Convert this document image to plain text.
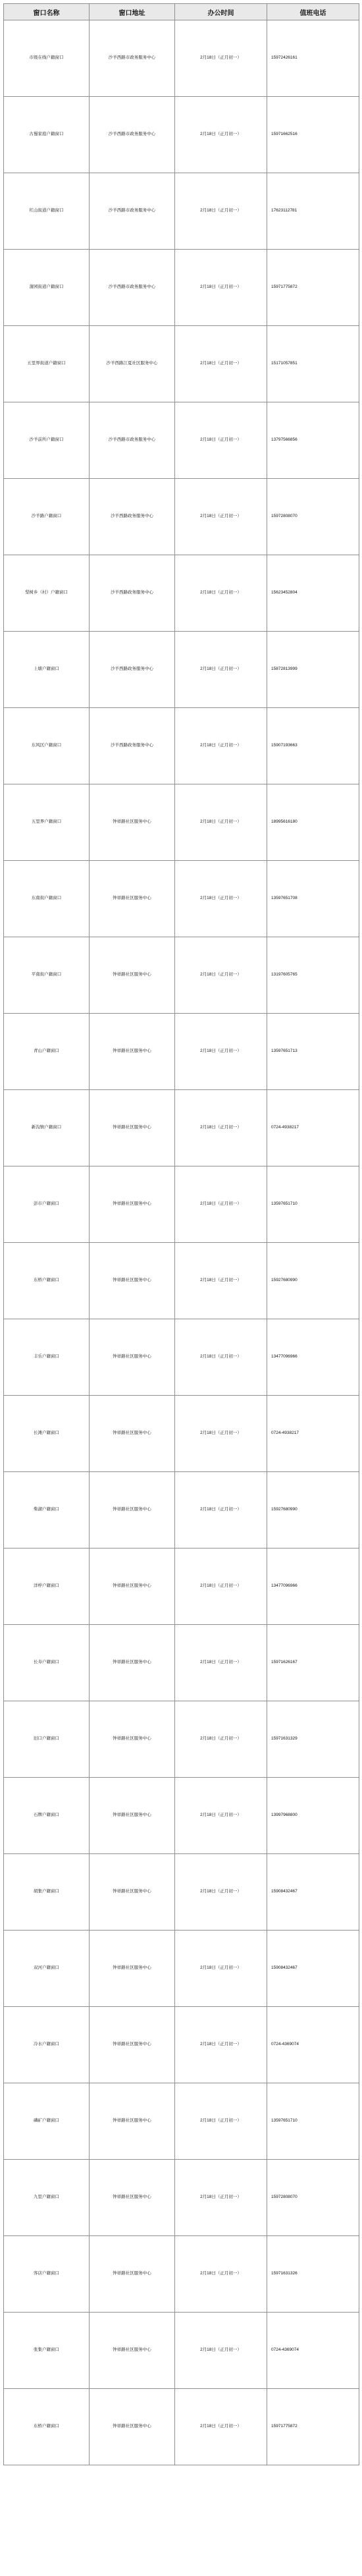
窗口名称	窗口地址	办公时间	值班电话
市级在线户籍窗口	沙羊西路市政务服务中心	2月18日（正月初一）	15972426161
古蜀家庭户籍窗口	沙羊西路市政务服务中心	2月18日（正月初一）	15971662516
红山街道户籍窗口	沙羊西路市政务服务中心	2月18日（正月初一）	17623112781
蒲园街道户籍窗口	沙羊西路市政务服务中心	2月18日（正月初一）	15971775872
五里界街道户籍窗口	沙羊西路江夏社区服务中心	2月18日（正月初一）	15171057851
沙羊前所户籍窗口	沙羊西路市政务服务中心	2月18日（正月初一）	13797566856
沙羊路户籍窗口	沙羊西路政务服务中心	2月18日（正月初一）	15972808070
梨树乡（村）户籍窗口	沙羊西路政务服务中心	2月18日（正月初一）	15623452804
上塘户籍窗口	沙羊西路政务服务中心	2月18日（正月初一）	15872813999
东风区户籍窗口	沙羊西路政务服务中心	2月18日（正月初一）	15907193663
五里界户籍窗口	钟祥路社区服务中心	2月18日（正月初一）	18995616180
东南街户籍窗口	钟祥路社区服务中心	2月18日（正月初一）	13597651708
平南街户籍窗口	钟祥路社区服务中心	2月18日（正月初一）	13197605765
青山户籍窗口	钟祥路社区服务中心	2月18日（正月初一）	13597651713
新沟镇户籍窗口	钟祥路社区服务中心	2月18日（正月初一）	0724-4938217
彭市户籍窗口	钟祥路社区服务中心	2月18日（正月初一）	13597651710
东桥户籍窗口	钟祥路社区服务中心	2月18日（正月初一）	15927680990
丰乐户籍窗口	钟祥路社区服务中心	2月18日（正月初一）	13477096966
长滩户籍窗口	钟祥路社区服务中心	2月18日（正月初一）	0724-4938217
柴湖户籍窗口	钟祥路社区服务中心	2月18日（正月初一）	15927680990
洋梓户籍窗口	钟祥路社区服务中心	2月18日（正月初一）	13477096966
长寿户籍窗口	钟祥路社区服务中心	2月18日（正月初一）	15971626167
旧口户籍窗口	钟祥路社区服务中心	2月18日（正月初一）	15971631329
石牌户籍窗口	钟祥路社区服务中心	2月18日（正月初一）	13997968800
胡集户籍窗口	钟祥路社区服务中心	2月18日（正月初一）	15908432467
双河户籍窗口	钟祥路社区服务中心	2月18日（正月初一）	15908432467
冷水户籍窗口	钟祥路社区服务中心	2月18日（正月初一）	0724-4369074
磷矿户籍窗口	钟祥路社区服务中心	2月18日（正月初一）	13597651710
九里户籍窗口	钟祥路社区服务中心	2月18日（正月初一）	15972808070
客店户籍窗口	钟祥路社区服务中心	2月18日（正月初一）	15971631326
张集户籍窗口	钟祥路社区服务中心	2月18日（正月初一）	0724-4369074
东桥户籍窗口	钟祥路社区服务中心	2月18日（正月初一）	15971775872
